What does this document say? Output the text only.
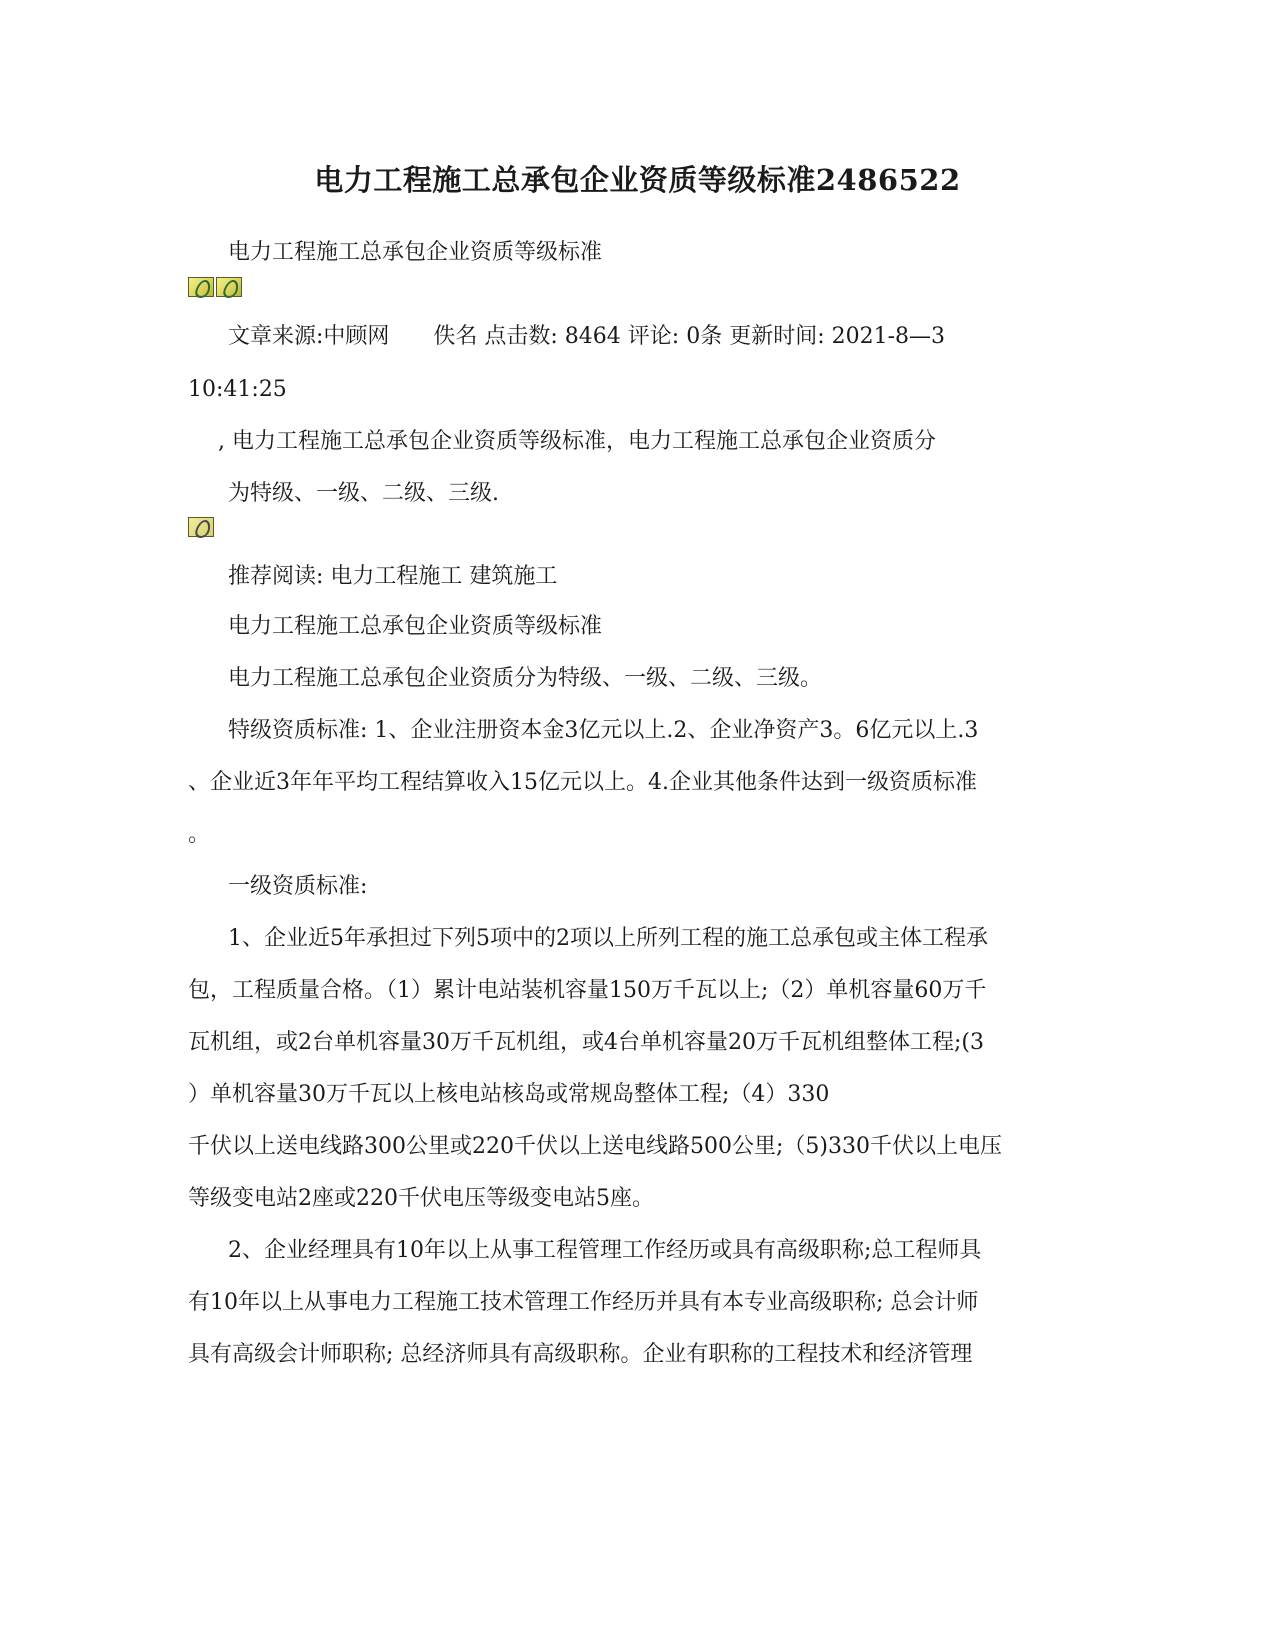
电力工程施工总承包企业资质等级标准2486522
电力工程施工总承包企业资质等级标准
文章来源:中顾网　　佚名 点击数: 8464 评论: 0条 更新时间: 2021-8—3
10:41:25
, 电力工程施工总承包企业资质等级标准，电力工程施工总承包企业资质分
为特级、一级、二级、三级.
推荐阅读: 电力工程施工 建筑施工
电力工程施工总承包企业资质等级标准
电力工程施工总承包企业资质分为特级、一级、二级、三级。
特级资质标准: 1、企业注册资本金3亿元以上.2、企业净资产3。6亿元以上.3
、企业近3年年平均工程结算收入15亿元以上。4.企业其他条件达到一级资质标准
。
一级资质标准:
1、企业近5年承担过下列5项中的2项以上所列工程的施工总承包或主体工程承
包，工程质量合格。（1）累计电站装机容量150万千瓦以上;（2）单机容量60万千
瓦机组，或2台单机容量30万千瓦机组，或4台单机容量20万千瓦机组整体工程;(3
）单机容量30万千瓦以上核电站核岛或常规岛整体工程;（4）330
千伏以上送电线路300公里或220千伏以上送电线路500公里;（5)330千伏以上电压
等级变电站2座或220千伏电压等级变电站5座。
2、企业经理具有10年以上从事工程管理工作经历或具有高级职称;总工程师具
有10年以上从事电力工程施工技术管理工作经历并具有本专业高级职称; 总会计师
具有高级会计师职称; 总经济师具有高级职称。企业有职称的工程技术和经济管理
